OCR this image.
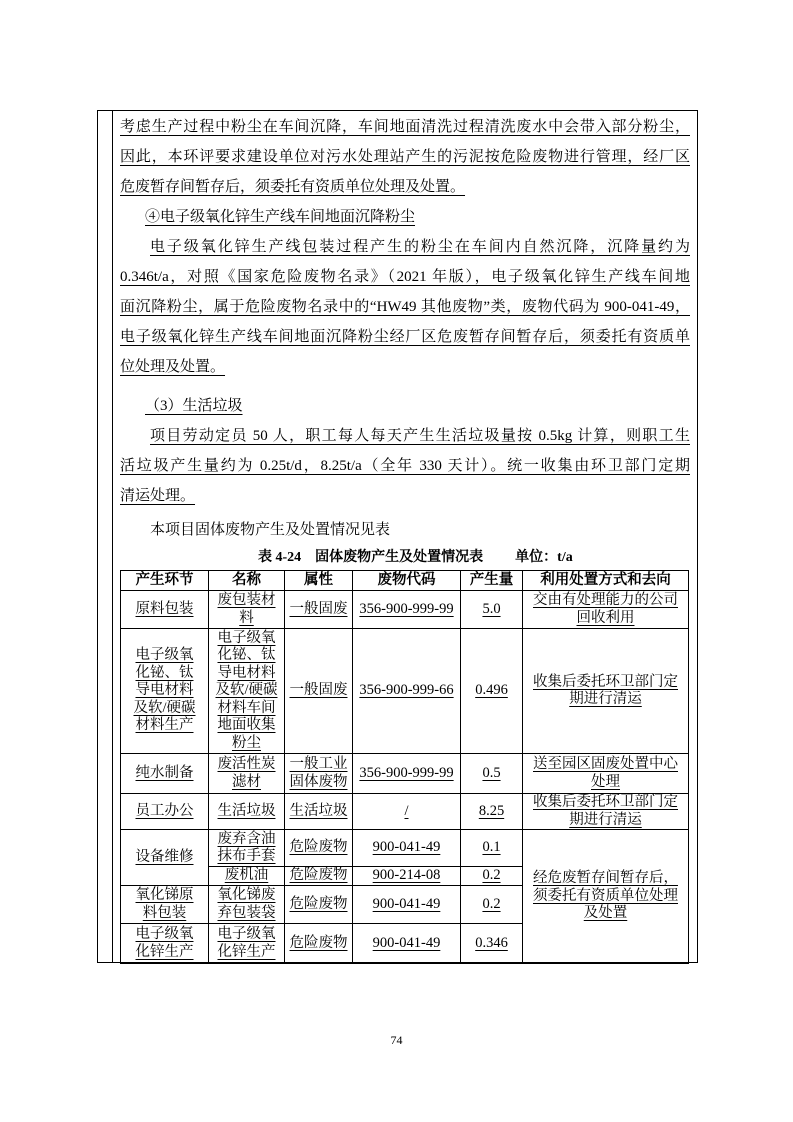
考虑生产过程中粉尘在车间沉降，车间地面清洗过程清洗废水中会带入部分粉尘，
因此，本环评要求建设单位对污水处理站产生的污泥按危险废物进行管理，经厂区
危废暂存间暂存后，须委托有资质单位处理及处置。
④电子级氧化锌生产线车间地面沉降粉尘
电子级氧化锌生产线包装过程产生的粉尘在车间内自然沉降，沉降量约为
0.346t/a，对照《国家危险废物名录》（2021 年版），电子级氧化锌生产线车间地
面沉降粉尘，属于危险废物名录中的“HW49 其他废物”类，废物代码为 900-041-49，
电子级氧化锌生产线车间地面沉降粉尘经厂区危废暂存间暂存后，须委托有资质单
位处理及处置。
（3）生活垃圾
项目劳动定员 50 人，职工每人每天产生生活垃圾量按 0.5kg 计算，则职工生
活垃圾产生量约为 0.25t/d，8.25t/a（全年 330 天计）。统一收集由环卫部门定期
清运处理。
本项目固体废物产生及处置情况见表
表 4-24 固体废物产生及处置情况表 单位：t/a
产生环节	名称	属性	废物代码	产生量	利用处置方式和去向
原料包装	废包装材料	一般固废	356-900-999-99	5.0	交由有处理能力的公司回收利用
电子级氧化铋、钛导电材料及软/硬碳材料生产	电子级氧化铋、钛导电材料及软/硬碳材料车间地面收集粉尘	一般固废	356-900-999-66	0.496	收集后委托环卫部门定期进行清运
纯水制备	废活性炭滤材	一般工业固体废物	356-900-999-99	0.5	送至园区固废处置中心处理
员工办公	生活垃圾	生活垃圾	/	8.25	收集后委托环卫部门定期进行清运
设备维修	废弃含油抹布手套	危险废物	900-041-49	0.1	经危废暂存间暂存后，须委托有资质单位处理及处置
	废机油	危险废物	900-214-08	0.2	
氧化锑原料包装	氧化锑废弃包装袋	危险废物	900-041-49	0.2	
电子级氧化锌生产	电子级氧化锌生产	危险废物	900-041-49	0.346	
74
